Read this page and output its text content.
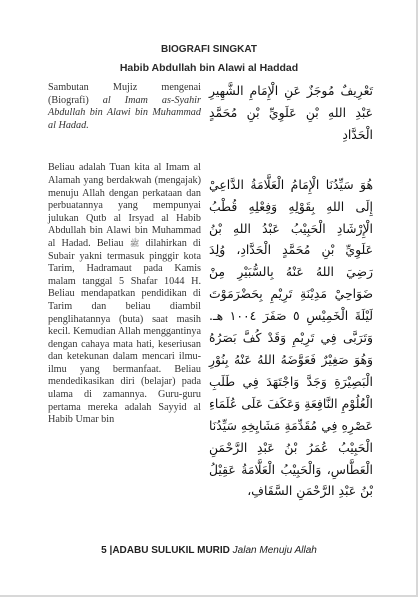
BIOGRAFI SINGKAT
Habib Abdullah bin Alawi al Haddad

Sambutan Mujiz mengenai (Biografi) al Imam as-Syahir Abdullah bin Alawi bin Muhammad al Hadad.

Beliau adalah Tuan kita al Imam al Alamah yang berdakwah (mengajak) menuju Allah dengan perkataan dan perbuatannya yang mempunyai julukan Qutb al Irsyad al Habib Abdullah bin Alawi bin Muhammad al Hadad. Beliau ﷺ dilahirkan di Subair yakni termasuk pinggir kota Tarim, Hadramaut pada Kamis malam tanggal 5 Shafar 1044 H. Beliau mendapatkan pendidikan di Tarim dan beliau diambil penglihatannya (buta) saat masih kecil. Kemudian Allah menggantinya dengan cahaya mata hati, keseriusan dan ketekunan dalam mencari ilmu-ilmu yang bermanfaat. Beliau mendedikasikan diri (belajar) pada ulama di zamannya. Guru-guru pertama mereka adalah Sayyid al Habib Umar bin

تَعْرِيفٌ مُوجَزٌ عَنِ الْإِمَامِ الشَّهِيرِ عَبْدِ اللهِ بْنِ عَلَوِيِّ بْنِ مُحَمَّدٍ الْحَدَّادِ

هُوَ سَيِّدُنَا الْإِمَامُ الْعَلَّامَةُ الدَّاعِيْ إِلَى اللهِ بِقَوْلِهِ وَفِعْلِهِ قُطْبُ الْإِرْشَادِ الْحَبِيْبُ عَبْدُ اللهِ بْنُ عَلَوِيِّ بْنِ مُحَمَّدٍ الْحَدَّادِ، وُلِدَ رَضِيَ اللهُ عَنْهُ بِالسُّبَيْرِ مِنْ ضَوَاحِيْ مَدِيْنَةِ تَرِيْمِ بِحَضْرَمَوْتَ لَيْلَةَ الْخَمِيْسِ ٥ صَفَرَ ١٠٠٤ هـ. وَتَرَبَّى فِي تَرِيْمِ وَقَدْ كُفَّ بَصَرُهُ وَهُوَ صَغِيْرٌ فَعَوَّضَهُ اللهُ عَنْهُ بِنُوْرِ الْبَصِيْرَةِ وَجَدَّ وَاجْتَهَدَ فِي طَلَبِ الْعُلُوْمِ النَّافِعَةِ وَعَكَفَ عَلَى عُلَمَاءِ عَصْرِهِ فِي مُقَدِّمَةِ مَشَايِخِهِ سَيِّدُنَا الْحَبِيْبُ عُمَرُ بْنُ عَبْدِ الرَّحْمَنِ الْعَطَّاسِ، وَالْحَبِيْبُ الْعَلَّامَةُ عَقِيْلُ بْنُ عَبْدِ الرَّحْمَنِ السَّقَافِ،

5 |ADABU SULUKIL MURID Jalan Menuju Allah
